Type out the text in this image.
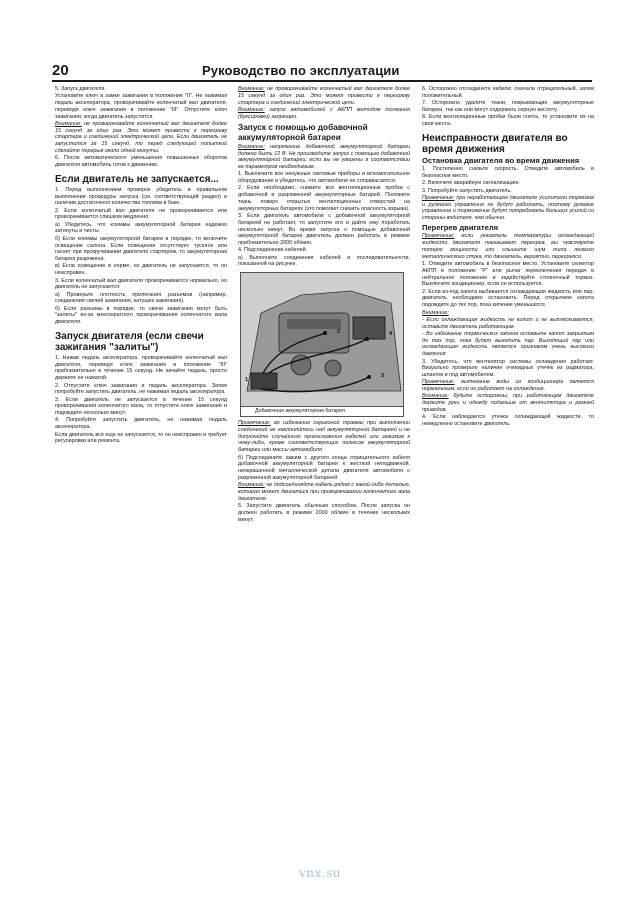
20	Руководство по эксплуатации
5. Запуск двигателя.
Установите ключ в замке зажигания в положение "II". Не нажимая педаль акселератора, проворачивайте коленчатый вал двигателя, переводя ключ зажигания в положение "III". Отпустите ключ зажигания, когда двигатель запустится.
Внимание: не проворачивайте коленчатый вал двигателя более 15 секунд за один раз. Это может привести к перегреву стартера и соединений электрической цепи. Если двигатель не запустится за 15 секунд, то перед следующей попыткой сделайте перерыв около одной минуты.
6. После автоматического уменьшения повышенных оборотов двигателя автомобиль готов к движению.
Если двигатель не запускается...
1. Перед выполнением проверок убедитесь в правильном выполнении процедуры запуска (см. соответствующий раздел) и наличии достаточного количества топлива в баке.
2. Если коленчатый вал двигателя не проворачивается или проворачивается слишком медленно:
а) Убедитесь, что клеммы аккумуляторной батареи надежно затянуты и чисты.
б) Если клеммы аккумуляторной батареи в порядке, то включите освещение салона. Если освещение отсутствует, тусклое или гаснет при прокручивании двигателя стартером, то аккумуляторная батарея разряжена.
в) Если освещение в норме, но двигатель не запускается, то он неисправен.
3. Если коленчатый вал двигателя проворачивается нормально, но двигатель не запускается:
а) Проверьте плотность прилегания разъемов (например, соединения свечей зажигания, катушек зажигания).
б) Если разъемы в порядке, то свечи зажигания могут быть "залиты" из-за многократного проворачивания коленчатого вала двигателя.
Запуск двигателя (если свечи зажигания "залиты")
1. Нажав педаль акселератора, проворачивайте коленчатый вал двигателя, переведя ключ зажигания в положение "III" приблизительно в течение 15 секунд. Не качайте педаль, просто держите ее нажатой.
2. Отпустите ключ зажигания и педаль акселератора. Затем попробуйте запустить двигатель, не нажимая педаль акселератора.
3. Если двигатель не запускается в течение 15 секунд проворачивания коленчатого вала, то отпустите ключ зажигания и подождите несколько минут.
4. Попробуйте запустить двигатель, не нажимая педаль акселератора.
Если двигатель все еще не запускается, то он неисправен и требует регулировки или ремонта.
Внимание: не проворачивайте коленчатый вал двигателя более 15 секунд за один раз. Это может привести к перегреву стартера и соединений электрической цепи.
Внимание: запуск автомобилей с АКПП методом толкания (буксировки) запрещен.
Запуск с помощью добавочной аккумуляторной батареи
Внимание: напряжение добавочной аккумуляторной батареи должно быть 12 В. Не производите запуск с помощью добавочной аккумуляторной батареи, если вы не уверены в соответствии ее параметров необходимым.
1. Выключите все ненужные световые приборы и вспомогательное оборудование и убедитесь, что автомобили не соприкасаются.
2. Если необходимо, снимите все вентиляционные пробки с добавочной и разряженной аккумуляторных батарей. Положите ткань поверх открытых вентиляционных отверстий на аккумуляторных батареях (это помогает снизить опасность взрыва).
3. Если двигатель автомобиля с добавочной аккумуляторной батареей не работает, то запустите его и дайте ему поработать несколько минут. Во время запуска с помощью добавочной аккумуляторной батареи двигатель должен работать в режиме приблизительно 2000 об/мин.
4. Подсоединение кабелей.
а) Выполните соединения кабелей в последовательности, показанной на рисунке.
1
2
3
4
Добавочная аккумуляторная батарея
Примечание: во избежание серьезной травмы при выполнении соединений не наклоняйтесь над аккумуляторной батареей и не допускайте случайного прикосновения кабелей или зажимов к чему-либо, кроме соответствующих полюсов аккумуляторной батареи или массы автомобиля.
б) Подсоедините зажим с другого конца отрицательного кабеля добавочной аккумуляторной батареи к жесткой неподвижной, неокрашенной металлической детали двигателя автомобиля с разряженной аккумуляторной батареей.
Внимание: не подсоединяйте кабель рядом с какой-либо деталью, которая может двигаться при проворачивании коленчатого вала двигателя.
5. Запустите двигатель обычным способом. После запуска он должен работать в режиме 2000 об/мин в течение нескольких минут.
6. Осторожно отсоедините кабели: сначала отрицательный, затем положительный.
7. Осторожно удалите ткани, покрывающие аккумуляторные батареи, так как они могут содержать серную кислоту.
8. Если вентиляционные пробки были сняты, то установите их на свои места.
Неисправности двигателя во время движения
Остановка двигателя во время движения
1. Постепенно снизьте скорость. Отведите автомобиль в безопасное место.
2. Включите аварийную сигнализацию.
3. Попробуйте запустить двигатель.
Примечание: при неработающем двигателе усилители тормозов и рулевого управления не будут работать, поэтому рулевое управление и торможение будут потребовать больших усилий со стороны водителя, чем обычно.
Перегрев двигателя
Примечание: если указатель температуры охлаждающей жидкости двигателя показывает перегрев, вы чувствуете потерю мощности или слышите шум типа легкого металлического стука, то двигатель, вероятно, перегрелся.
1. Отведите автомобиль в безопасное место. Установите селектор АКПП в положение "P" или рычаг переключения передач в нейтральное положение и задействуйте стояночный тормоз. Выключите кондиционер, если он используется.
2. Если из-под капота выбивается охлаждающая жидкость или пар, двигатель необходимо остановить. Перед открытием капота подождите до тех пор, пока кипение уменьшится.
Внимание:
- Если охлаждающая жидкость не кипит и не выплескивается, оставьте двигатель работающим.
- Во избежание термических ожогов оставьте капот закрытым до тех пор, пока будет выходить пар. Выходящий пар или охлаждающая жидкость является признаком очень высокого давления.
3. Убедитесь, что вентилятор системы охлаждения работает. Визуально проверьте наличие очевидных утечек из радиатора, шлангов и под автомобилем.
Примечание: вытекание воды из кондиционера является нормальным, если он работает на охлаждение.
Внимание: будьте осторожны, при работающем двигателе держите руки и одежду подальше от вентилятора и ремней приводов.
4. Если наблюдается утечка охлаждающей жидкости, то немедленно остановите двигатель.
vnx.su
